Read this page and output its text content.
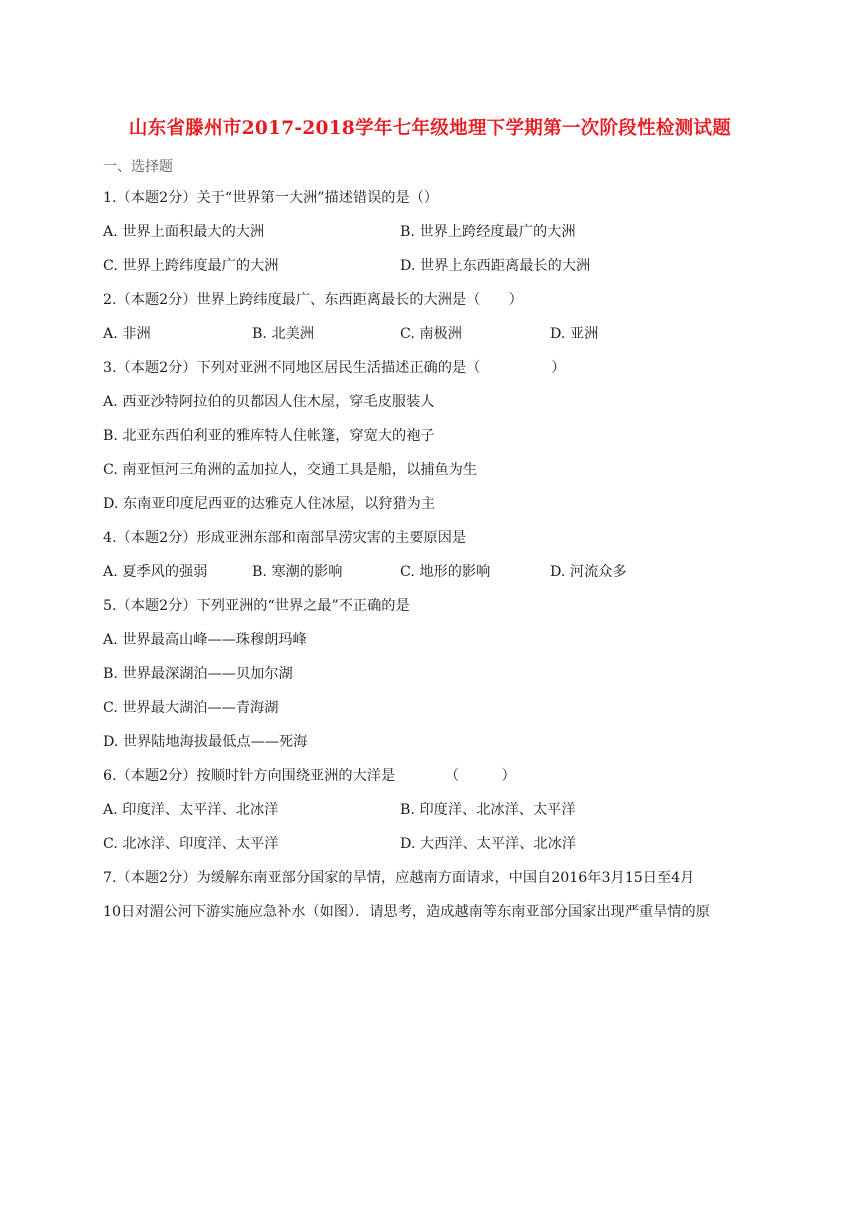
山东省滕州市2017-2018学年七年级地理下学期第一次阶段性检测试题
一、选择题
1.（本题2分）关于“世界第一大洲”描述错误的是（）
A. 世界上面积最大的大洲	B. 世界上跨经度最广的大洲
C. 世界上跨纬度最广的大洲	D. 世界上东西距离最长的大洲
2.（本题2分）世界上跨纬度最广、东西距离最长的大洲是（　　）
A. 非洲	B. 北美洲	C. 南极洲	D. 亚洲
3.（本题2分）下列对亚洲不同地区居民生活描述正确的是（　　　　　）
A. 西亚沙特阿拉伯的贝都因人住木屋，穿毛皮服装人
B. 北亚东西伯利亚的雅库特人住帐篷，穿宽大的袍子
C. 南亚恒河三角洲的孟加拉人，交通工具是船，以捕鱼为生
D. 东南亚印度尼西亚的达雅克人住冰屋，以狩猎为主
4.（本题2分）形成亚洲东部和南部旱涝灾害的主要原因是
A. 夏季风的强弱	B. 寒潮的影响	C. 地形的影响	D. 河流众多
5.（本题2分）下列亚洲的“世界之最”不正确的是
A. 世界最高山峰——珠穆朗玛峰
B. 世界最深湖泊——贝加尔湖
C. 世界最大湖泊——青海湖
D. 世界陆地海拔最低点——死海
6.（本题2分）按顺时针方向围绕亚洲的大洋是　　　　（　　　）
A. 印度洋、太平洋、北冰洋	B. 印度洋、北冰洋、太平洋
C. 北冰洋、印度洋、太平洋	D. 大西洋、太平洋、北冰洋
7.（本题2分）为缓解东南亚部分国家的旱情，应越南方面请求，中国自2016年3月15日至4月
10日对湄公河下游实施应急补水（如图）．请思考，造成越南等东南亚部分国家出现严重旱情的原
